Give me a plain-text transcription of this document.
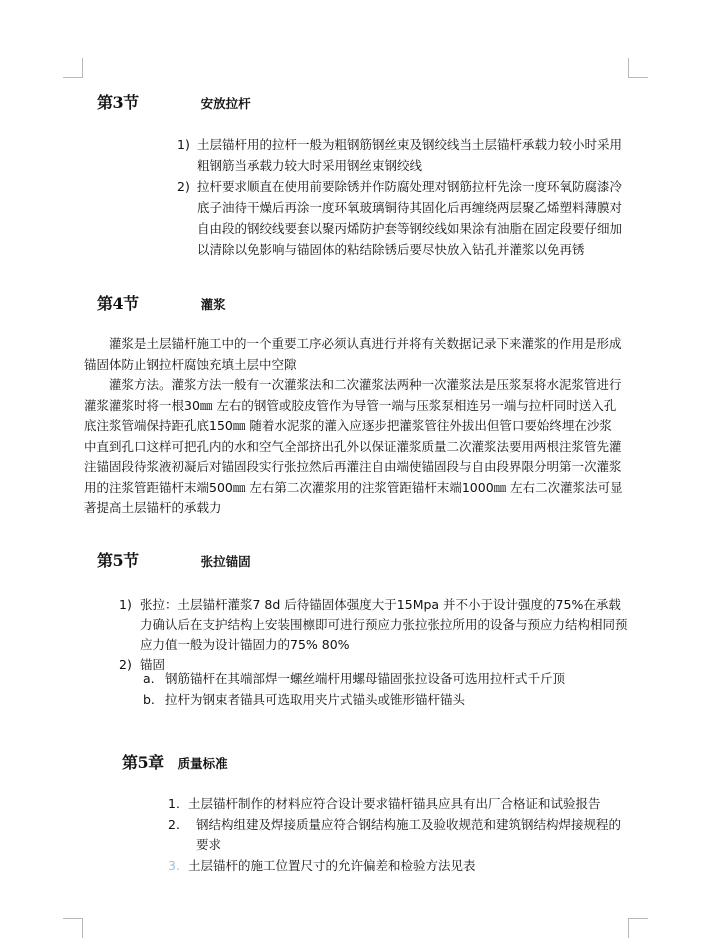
第3节	安放拉杆
1) 土层锚杆用的拉杆一般为粗钢筋钢丝束及钢绞线当土层锚杆承载力较小时采用粗钢筋当承载力较大时采用钢丝束钢绞线
2) 拉杆要求顺直在使用前要除锈并作防腐处理对钢筋拉杆先涂一度环氧防腐漆冷底子油待干燥后再涂一度环氧玻璃铜待其固化后再缠绕两层聚乙烯塑料薄膜对自由段的钢绞线要套以聚丙烯防护套等钢绞线如果涂有油脂在固定段要仔细加以清除以免影响与锚固体的粘结除锈后要尽快放入钻孔并灌浆以免再锈
第4节	灌浆

灌浆是土层锚杆施工中的一个重要工序必须认真进行并将有关数据记录下来灌浆的作用是形成锚固体防止钢拉杆腐蚀充填土层中空隙

灌浆方法。灌浆方法一般有一次灌浆法和二次灌浆法两种一次灌浆法是压浆泵将水泥浆管进行灌浆灌浆时将一根30㎜ 左右的钢管或胶皮管作为导管一端与压浆泵相连另一端与拉杆同时送入孔底注浆管端保持距孔底150㎜ 随着水泥浆的灌入应逐步把灌浆管往外拔出但管口要始终埋在沙浆中直到孔口这样可把孔内的水和空气全部挤出孔外以保证灌浆质量二次灌浆法要用两根注浆管先灌注锚固段待浆液初凝后对锚固段实行张拉然后再灌注自由端使锚固段与自由段界限分明第一次灌浆用的注浆管距锚杆末端500㎜ 左右第二次灌浆用的注浆管距锚杆末端1000㎜ 左右二次灌浆法可显著提高土层锚杆的承载力

第5节	张拉锚固
1) 张拉：土层锚杆灌浆7 8d 后待锚固体强度大于15Mpa 并不小于设计强度的75%在承载力确认后在支护结构上安装围檩即可进行预应力张拉张拉所用的设备与预应力结构相同预应力值一般为设计锚固力的75% 80%
2) 锚固
a. 钢筋锚杆在其端部焊一螺丝端杆用螺母锚固张拉设备可选用拉杆式千斤顶
b. 拉杆为钢束者锚具可选取用夹片式锚头或锥形锚杆锚头
第5章 质量标准
1. 土层锚杆制作的材料应符合设计要求锚杆锚具应具有出厂合格证和试验报告
2.	钢结构组建及焊接质量应符合钢结构施工及验收规范和建筑钢结构焊接规程的要求
3. 土层锚杆的施工位置尺寸的允许偏差和检验方法见表
